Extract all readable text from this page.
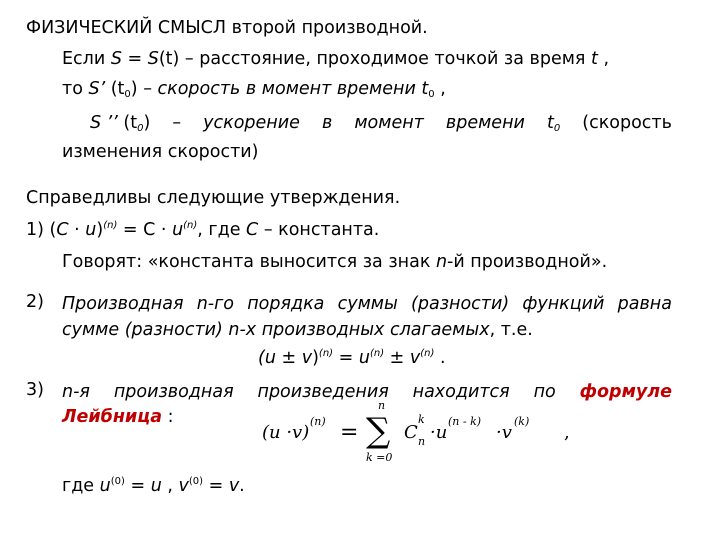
ФИЗИЧЕСКИЙ СМЫСЛ второй производной.
Если S = S(t) – расстояние, проходимое точкой за время t ,
то S’ $(t_0)$ – скорость в момент времени $t_0$ ,
S ’’ $(t_0)$ – ускорение в момент времени $t_0$ (скорость
изменения скорости)
Справедливы следующие утверждения.
1) $(C \cdot u)^{(n)} = C \cdot u^{(n)}$, где C – константа.
Говорят: «константа выносится за знак n-й производной».
2) Производная n-го порядка суммы (разности) функций равна
сумме (разности) n-х производных слагаемых, т.е.
$(u \pm v)^{(n)} = u^{(n)} \pm v^{(n)}$ .
3) n-я производная произведения находится по формуле
Лейбница :
(u ·v)
(n) =
n
∑
k =0
C
k
n ·u
(n - k)
·v
(k)
,
где $u^{(0)} = u$ , $v^{(0)} = v$.
